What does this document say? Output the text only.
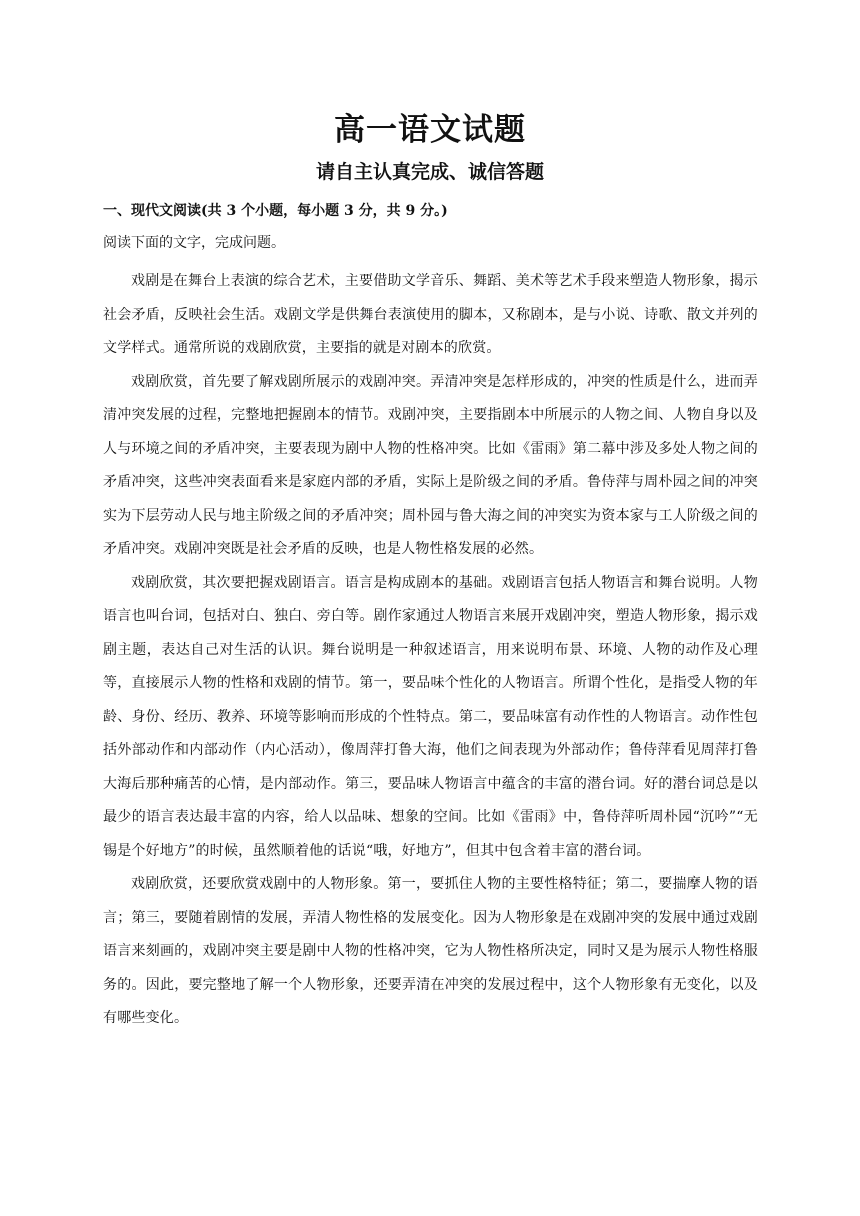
高一语文试题
请自主认真完成、诚信答题
一、现代文阅读(共 3 个小题，每小题 3 分，共 9 分。)
阅读下面的文字，完成问题。

戏剧是在舞台上表演的综合艺术，主要借助文学音乐、舞蹈、美术等艺术手段来塑造人物形象，揭示社会矛盾，反映社会生活。戏剧文学是供舞台表演使用的脚本，又称剧本，是与小说、诗歌、散文并列的文学样式。通常所说的戏剧欣赏，主要指的就是对剧本的欣赏。

戏剧欣赏，首先要了解戏剧所展示的戏剧冲突。弄清冲突是怎样形成的，冲突的性质是什么，进而弄清冲突发展的过程，完整地把握剧本的情节。戏剧冲突，主要指剧本中所展示的人物之间、人物自身以及人与环境之间的矛盾冲突，主要表现为剧中人物的性格冲突。比如《雷雨》第二幕中涉及多处人物之间的矛盾冲突，这些冲突表面看来是家庭内部的矛盾，实际上是阶级之间的矛盾。鲁侍萍与周朴园之间的冲突实为下层劳动人民与地主阶级之间的矛盾冲突；周朴园与鲁大海之间的冲突实为资本家与工人阶级之间的矛盾冲突。戏剧冲突既是社会矛盾的反映，也是人物性格发展的必然。

戏剧欣赏，其次要把握戏剧语言。语言是构成剧本的基础。戏剧语言包括人物语言和舞台说明。人物语言也叫台词，包括对白、独白、旁白等。剧作家通过人物语言来展开戏剧冲突，塑造人物形象，揭示戏剧主题，表达自己对生活的认识。舞台说明是一种叙述语言，用来说明布景、环境、人物的动作及心理等，直接展示人物的性格和戏剧的情节。第一，要品味个性化的人物语言。所谓个性化，是指受人物的年龄、身份、经历、教养、环境等影响而形成的个性特点。第二，要品味富有动作性的人物语言。动作性包括外部动作和内部动作（内心活动），像周萍打鲁大海，他们之间表现为外部动作；鲁侍萍看见周萍打鲁大海后那种痛苦的心情，是内部动作。第三，要品味人物语言中蕴含的丰富的潜台词。好的潜台词总是以最少的语言表达最丰富的内容，给人以品味、想象的空间。比如《雷雨》中，鲁侍萍听周朴园“沉吟”“无锡是个好地方”的时候，虽然顺着他的话说“哦，好地方”，但其中包含着丰富的潜台词。

戏剧欣赏，还要欣赏戏剧中的人物形象。第一，要抓住人物的主要性格特征；第二，要揣摩人物的语言；第三，要随着剧情的发展，弄清人物性格的发展变化。因为人物形象是在戏剧冲突的发展中通过戏剧语言来刻画的，戏剧冲突主要是剧中人物的性格冲突，它为人物性格所决定，同时又是为展示人物性格服务的。因此，要完整地了解一个人物形象，还要弄清在冲突的发展过程中，这个人物形象有无变化，以及有哪些变化。
